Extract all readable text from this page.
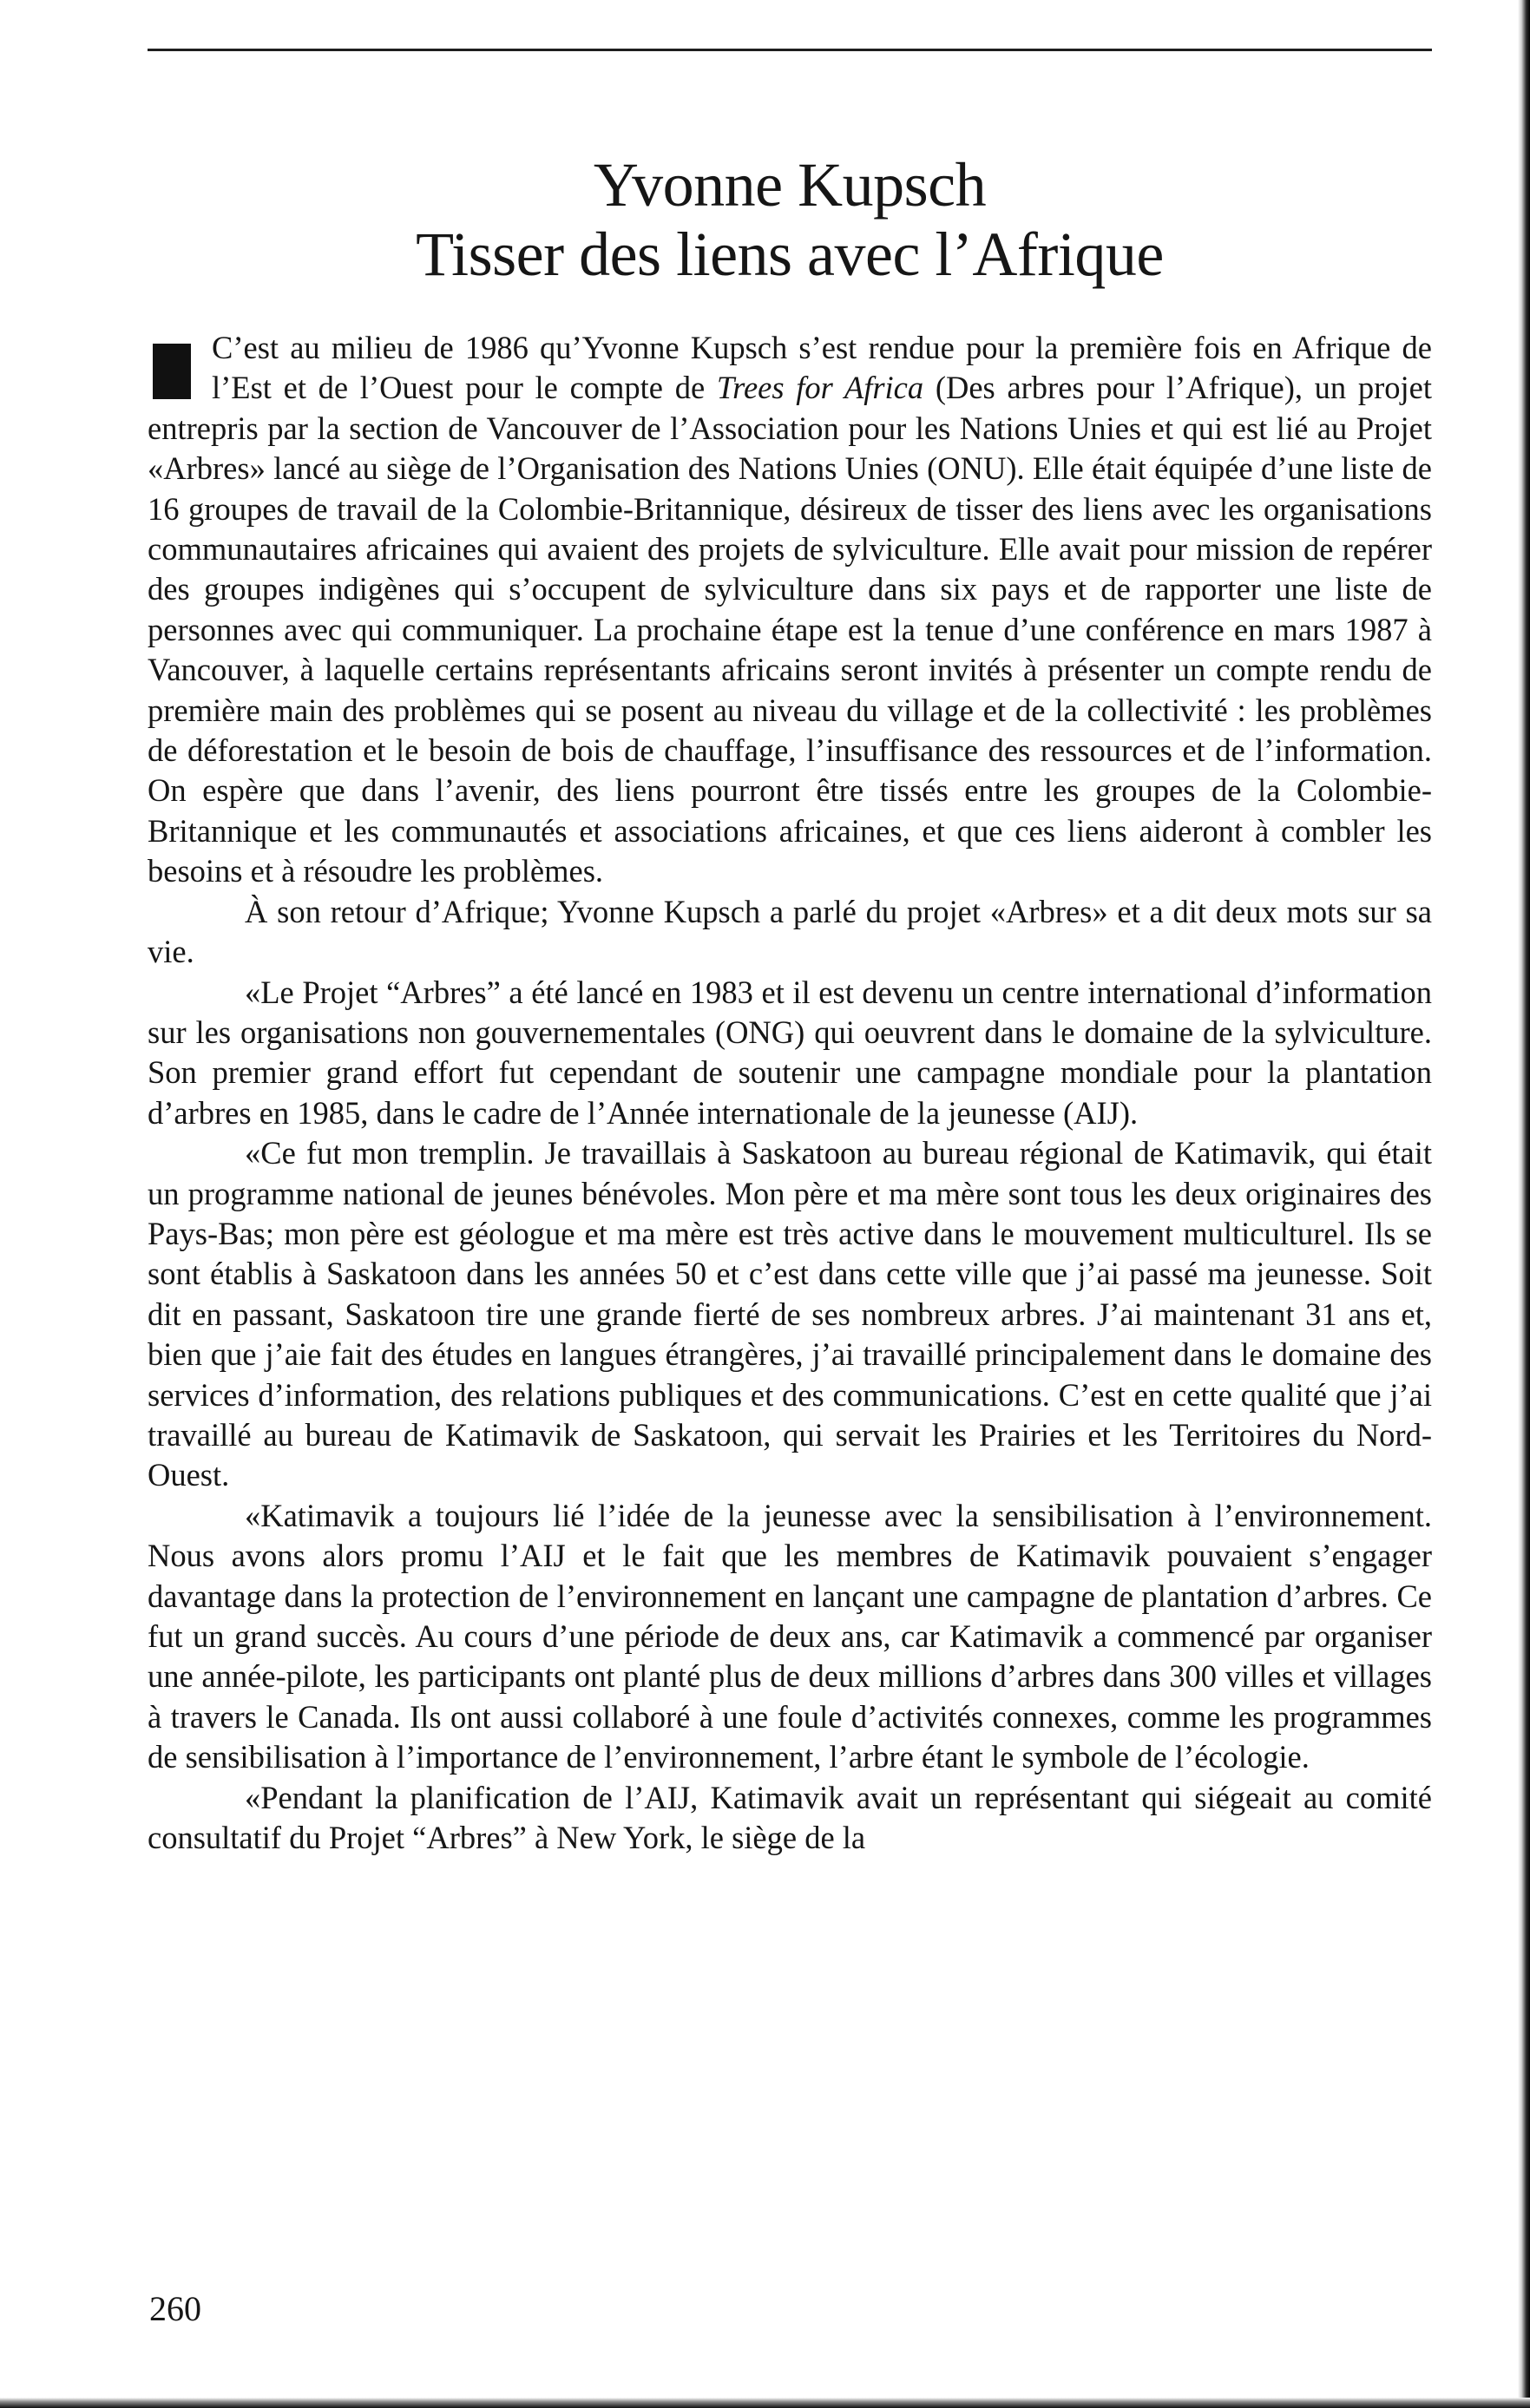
Yvonne Kupsch
Tisser des liens avec l’Afrique

C’est au milieu de 1986 qu’Yvonne Kupsch s’est rendue pour la première fois en Afrique de l’Est et de l’Ouest pour le compte de Trees for Africa (Des arbres pour l’Afrique), un projet entrepris par la section de Vancouver de l’Association pour les Nations Unies et qui est lié au Projet «Arbres» lancé au siège de l’Organisation des Nations Unies (ONU). Elle était équipée d’une liste de 16 groupes de travail de la Colombie-Britannique, désireux de tisser des liens avec les organisations communautaires africaines qui avaient des projets de sylviculture. Elle avait pour mission de repérer des groupes indigènes qui s’occupent de sylviculture dans six pays et de rapporter une liste de personnes avec qui communiquer. La prochaine étape est la tenue d’une conférence en mars 1987 à Vancouver, à laquelle certains représentants africains seront invités à présenter un compte rendu de première main des problèmes qui se posent au niveau du village et de la collectivité : les problèmes de déforestation et le besoin de bois de chauffage, l’insuffisance des ressources et de l’information. On espère que dans l’avenir, des liens pourront être tissés entre les groupes de la Colombie-Britannique et les communautés et associations africaines, et que ces liens aideront à combler les besoins et à résoudre les problèmes.

À son retour d’Afrique; Yvonne Kupsch a parlé du projet «Arbres» et a dit deux mots sur sa vie.

«Le Projet “Arbres” a été lancé en 1983 et il est devenu un centre international d’information sur les organisations non gouvernementales (ONG) qui oeuvrent dans le domaine de la sylviculture. Son premier grand effort fut cependant de soutenir une campagne mondiale pour la plantation d’arbres en 1985, dans le cadre de l’Année internationale de la jeunesse (AIJ).

«Ce fut mon tremplin. Je travaillais à Saskatoon au bureau régional de Katimavik, qui était un programme national de jeunes bénévoles. Mon père et ma mère sont tous les deux originaires des Pays-Bas; mon père est géologue et ma mère est très active dans le mouvement multiculturel. Ils se sont établis à Saskatoon dans les années 50 et c’est dans cette ville que j’ai passé ma jeunesse. Soit dit en passant, Saskatoon tire une grande fierté de ses nombreux arbres. J’ai maintenant 31 ans et, bien que j’aie fait des études en langues étrangères, j’ai travaillé principalement dans le domaine des services d’information, des relations publiques et des communications. C’est en cette qualité que j’ai travaillé au bureau de Katimavik de Saskatoon, qui servait les Prairies et les Territoires du Nord-Ouest.

«Katimavik a toujours lié l’idée de la jeunesse avec la sensibilisation à l’environnement. Nous avons alors promu l’AIJ et le fait que les membres de Katimavik pouvaient s’engager davantage dans la protection de l’environnement en lançant une campagne de plantation d’arbres. Ce fut un grand succès. Au cours d’une période de deux ans, car Katimavik a commencé par organiser une année-pilote, les participants ont planté plus de deux millions d’arbres dans 300 villes et villages à travers le Canada. Ils ont aussi collaboré à une foule d’activités connexes, comme les programmes de sensibilisation à l’importance de l’environnement, l’arbre étant le symbole de l’écologie.

«Pendant la planification de l’AIJ, Katimavik avait un représentant qui siégeait au comité consultatif du Projet “Arbres” à New York, le siège de la

260
